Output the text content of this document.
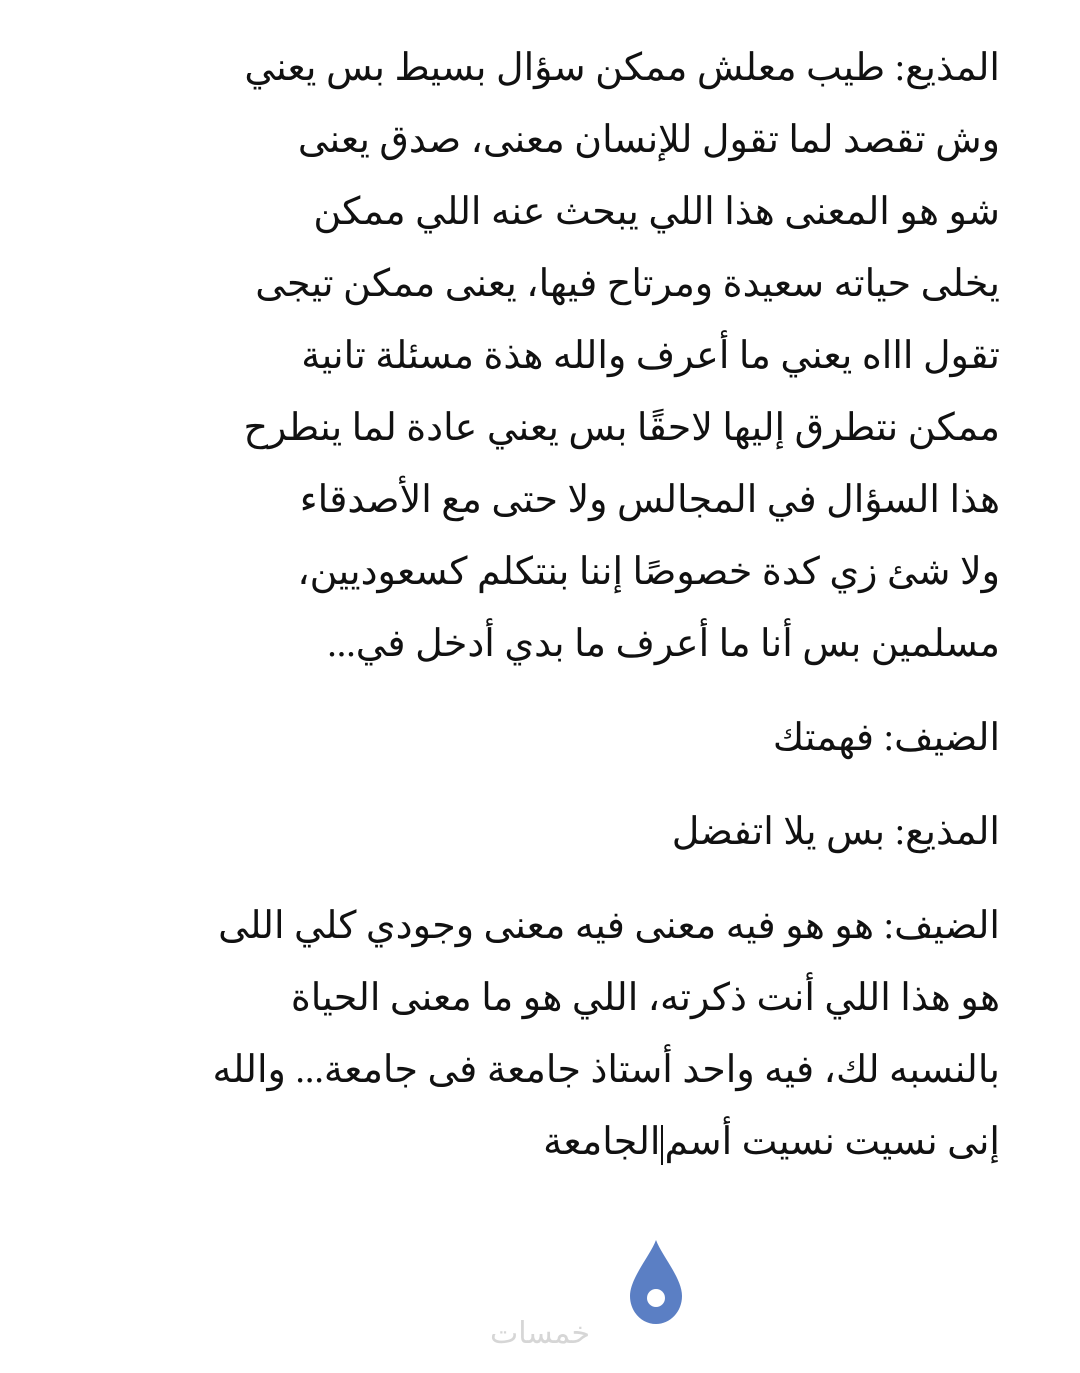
المذيع: طيب معلش ممكن سؤال بسيط بس يعني
وش تقصد لما تقول للإنسان معنى، صدق يعنى
شو هو المعنى هذا اللي يبحث عنه اللي ممكن
يخلى حياته سعيدة ومرتاح فيها، يعنى ممكن تيجى
تقول اااه يعني ما أعرف والله هذة مسئلة تانية
ممكن نتطرق إليها لاحقًا بس يعني عادة لما ينطرح
هذا السؤال في المجالس ولا حتى مع الأصدقاء
ولا شئ زي كدة خصوصًا إننا بنتكلم كسعوديين،
مسلمين بس أنا ما أعرف ما بدي أدخل في...

الضيف: فهمتك

المذيع: بس يلا اتفضل

الضيف: هو هو فيه معنى فيه معنى وجودي كلي اللى
هو هذا اللي أنت ذكرته، اللي هو ما معنى الحياة
بالنسبه لك، فيه واحد أستاذ جامعة فى جامعة... والله
إنى نسيت نسيت أسمالجامعة

خمسات
